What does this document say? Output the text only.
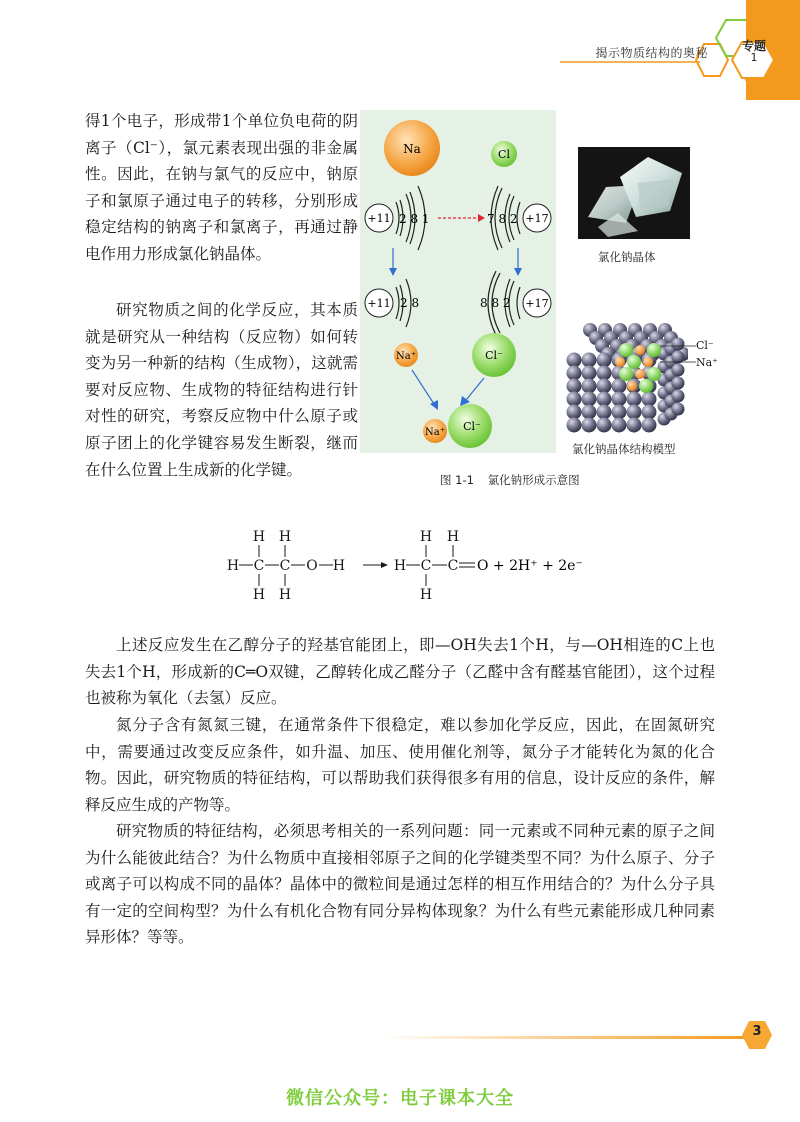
揭示物质结构的奥秘	专题
1

得1个电子，形成带1个单位负电荷的阴离子（Cl⁻），氯元素表现出强的非金属性。因此，在钠与氯气的反应中，钠原子和氯原子通过电子的转移，分别形成稳定结构的钠离子和氯离子，再通过静电作用力形成氯化钠晶体。

研究物质之间的化学反应，其本质就是研究从一种结构（反应物）如何转变为另一种新的结构（生成物），这就需要对反应物、生成物的特征结构进行针对性的研究，考察反应物中什么原子或原子团上的化学键容易发生断裂，继而在什么位置上生成新的化学键。

Na	Cl
+11 2 8 1	7 8 2 +17
+11 2 8	8 8 2 +17
Na⁺	Cl⁻
Cl⁻
Na⁺
图 1-1 氯化钠形成示意图
氯化钠晶体
Cl⁻
Na⁺
氯化钠晶体结构模型
H H
H C C O H
H H
H H
H C C
H
O + 2H⁺ + 2e⁻

上述反应发生在乙醇分子的羟基官能团上，即—OH失去1个H，与—OH相连的C上也失去1个H，形成新的C═O双键，乙醇转化成乙醛分子（乙醛中含有醛基官能团），这个过程也被称为氧化（去氢）反应。

氮分子含有氮氮三键，在通常条件下很稳定，难以参加化学反应，因此，在固氮研究中，需要通过改变反应条件，如升温、加压、使用催化剂等，氮分子才能转化为氮的化合物。因此，研究物质的特征结构，可以帮助我们获得很多有用的信息，设计反应的条件，解释反应生成的产物等。

研究物质的特征结构，必须思考相关的一系列问题：同一元素或不同种元素的原子之间为什么能彼此结合？为什么物质中直接相邻原子之间的化学键类型不同？为什么原子、分子或离子可以构成不同的晶体？晶体中的微粒间是通过怎样的相互作用结合的？为什么分子具有一定的空间构型？为什么有机化合物有同分异构体现象？为什么有些元素能形成几种同素异形体？等等。

3
微信公众号：电子课本大全
